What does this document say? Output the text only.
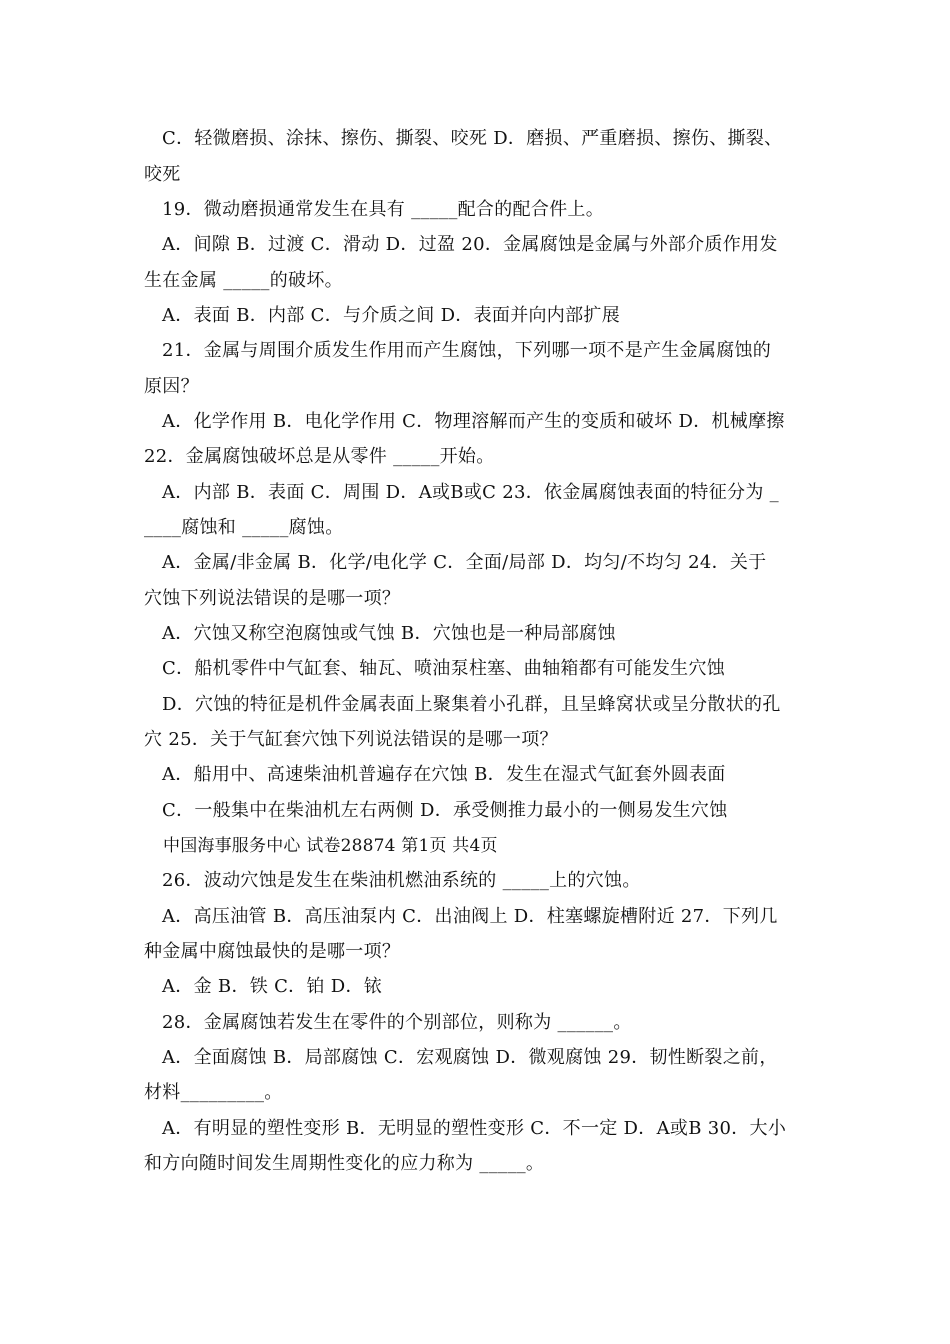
C．轻微磨损、涂抹、擦伤、撕裂、咬死 D．磨损、严重磨损、擦伤、撕裂、
咬死
19．微动磨损通常发生在具有 _____配合的配合件上。
A．间隙 B．过渡 C．滑动 D．过盈 20．金属腐蚀是金属与外部介质作用发
生在金属 _____的破坏。
A．表面 B．内部 C．与介质之间 D．表面并向内部扩展
21．金属与周围介质发生作用而产生腐蚀，下列哪一项不是产生金属腐蚀的
原因？
A．化学作用 B．电化学作用 C．物理溶解而产生的变质和破坏 D．机械摩擦
22．金属腐蚀破坏总是从零件 _____开始。
A．内部 B．表面 C．周围 D．A或B或C 23．依金属腐蚀表面的特征分为 _
____腐蚀和 _____腐蚀。
A．金属/非金属 B．化学/电化学 C．全面/局部 D．均匀/不均匀 24．关于
穴蚀下列说法错误的是哪一项？
A．穴蚀又称空泡腐蚀或气蚀 B．穴蚀也是一种局部腐蚀
C．船机零件中气缸套、轴瓦、喷油泵柱塞、曲轴箱都有可能发生穴蚀
D．穴蚀的特征是机件金属表面上聚集着小孔群，且呈蜂窝状或呈分散状的孔
穴 25．关于气缸套穴蚀下列说法错误的是哪一项？
A．船用中、高速柴油机普遍存在穴蚀 B．发生在湿式气缸套外圆表面
C．一般集中在柴油机左右两侧 D．承受侧推力最小的一侧易发生穴蚀
中国海事服务中心 试卷28874 第1页 共4页
26．波动穴蚀是发生在柴油机燃油系统的 _____上的穴蚀。
A．高压油管 B．高压油泵内 C．出油阀上 D．柱塞螺旋槽附近 27．下列几
种金属中腐蚀最快的是哪一项？
A．金 B．铁 C．铂 D．铱
28．金属腐蚀若发生在零件的个别部位，则称为 ______。
A．全面腐蚀 B．局部腐蚀 C．宏观腐蚀 D．微观腐蚀 29．韧性断裂之前，
材料_________。
A．有明显的塑性变形 B．无明显的塑性变形 C．不一定 D．A或B 30．大小
和方向随时间发生周期性变化的应力称为 _____。
